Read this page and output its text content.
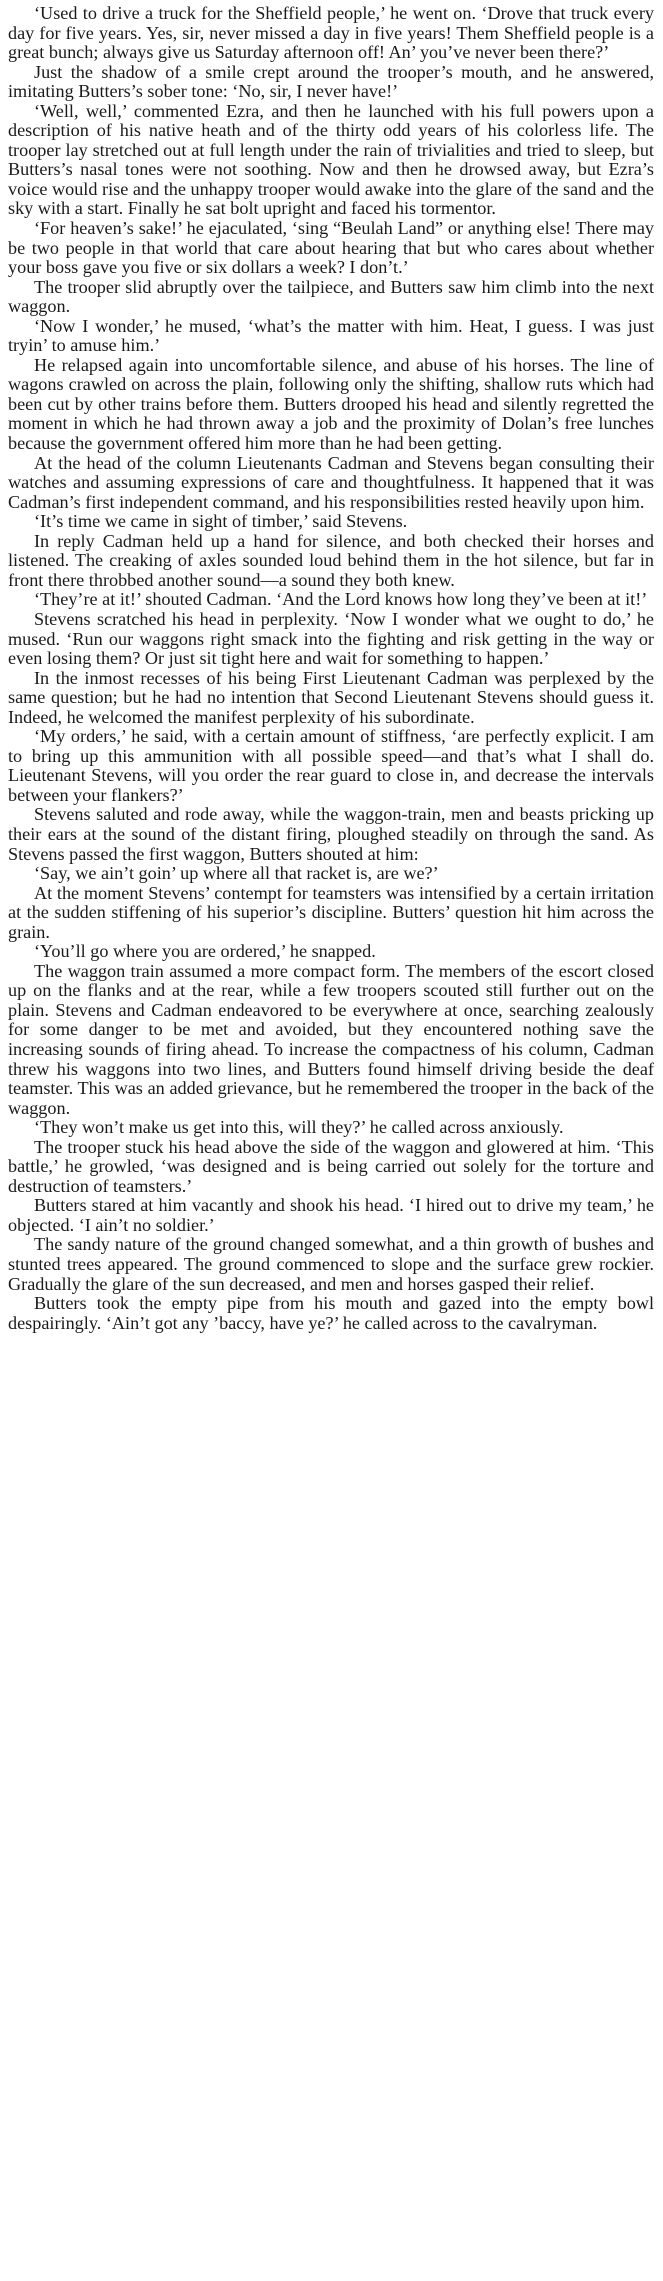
‘Used to drive a truck for the Sheffield people,’ he went on. ‘Drove that truck every day for five years. Yes, sir, never missed a day in five years! Them Sheffield people is a great bunch; always give us Saturday afternoon off! An’ you’ve never been there?’

Just the shadow of a smile crept around the trooper’s mouth, and he answered, imitating Butters’s sober tone: ‘No, sir, I never have!’

‘Well, well,’ commented Ezra, and then he launched with his full powers upon a description of his native heath and of the thirty odd years of his colorless life. The trooper lay stretched out at full length under the rain of trivialities and tried to sleep, but Butters’s nasal tones were not soothing. Now and then he drowsed away, but Ezra’s voice would rise and the unhappy trooper would awake into the glare of the sand and the sky with a start. Finally he sat bolt upright and faced his tormentor.

‘For heaven’s sake!’ he ejaculated, ‘sing “Beulah Land” or anything else! There may be two people in that world that care about hearing that but who cares about whether your boss gave you five or six dollars a week? I don’t.’

The trooper slid abruptly over the tailpiece, and Butters saw him climb into the next waggon.

‘Now I wonder,’ he mused, ‘what’s the matter with him. Heat, I guess. I was just tryin’ to amuse him.’

He relapsed again into uncomfortable silence, and abuse of his horses. The line of wagons crawled on across the plain, following only the shifting, shallow ruts which had been cut by other trains before them. Butters drooped his head and silently regretted the moment in which he had thrown away a job and the proximity of Dolan’s free lunches because the government offered him more than he had been getting.

At the head of the column Lieutenants Cadman and Stevens began consulting their watches and assuming expressions of care and thoughtfulness. It happened that it was Cadman’s first independent command, and his responsibilities rested heavily upon him.

‘It’s time we came in sight of timber,’ said Stevens.

In reply Cadman held up a hand for silence, and both checked their horses and listened. The creaking of axles sounded loud behind them in the hot silence, but far in front there throbbed another sound—a sound they both knew.

‘They’re at it!’ shouted Cadman. ‘And the Lord knows how long they’ve been at it!’

Stevens scratched his head in perplexity. ‘Now I wonder what we ought to do,’ he mused. ‘Run our waggons right smack into the fighting and risk getting in the way or even losing them? Or just sit tight here and wait for something to happen.’

In the inmost recesses of his being First Lieutenant Cadman was perplexed by the same question; but he had no intention that Second Lieutenant Stevens should guess it. Indeed, he welcomed the manifest perplexity of his subordinate.

‘My orders,’ he said, with a certain amount of stiffness, ‘are perfectly explicit. I am to bring up this ammunition with all possible speed—and that’s what I shall do. Lieutenant Stevens, will you order the rear guard to close in, and decrease the intervals between your flankers?’

Stevens saluted and rode away, while the waggon-train, men and beasts pricking up their ears at the sound of the distant firing, ploughed steadily on through the sand. As Stevens passed the first waggon, Butters shouted at him:

‘Say, we ain’t goin’ up where all that racket is, are we?’

At the moment Stevens’ contempt for teamsters was intensified by a certain irritation at the sudden stiffening of his superior’s discipline. Butters’ question hit him across the grain.

‘You’ll go where you are ordered,’ he snapped.

The waggon train assumed a more compact form. The members of the escort closed up on the flanks and at the rear, while a few troopers scouted still further out on the plain. Stevens and Cadman endeavored to be everywhere at once, searching zealously for some danger to be met and avoided, but they encountered nothing save the increasing sounds of firing ahead. To increase the compactness of his column, Cadman threw his waggons into two lines, and Butters found himself driving beside the deaf teamster. This was an added grievance, but he remembered the trooper in the back of the waggon.

‘They won’t make us get into this, will they?’ he called across anxiously.

The trooper stuck his head above the side of the waggon and glowered at him. ‘This battle,’ he growled, ‘was designed and is being carried out solely for the torture and destruction of teamsters.’

Butters stared at him vacantly and shook his head. ‘I hired out to drive my team,’ he objected. ‘I ain’t no soldier.’

The sandy nature of the ground changed somewhat, and a thin growth of bushes and stunted trees appeared. The ground commenced to slope and the surface grew rockier. Gradually the glare of the sun decreased, and men and horses gasped their relief.

Butters took the empty pipe from his mouth and gazed into the empty bowl despairingly. ‘Ain’t got any ’baccy, have ye?’ he called across to the cavalryman.
